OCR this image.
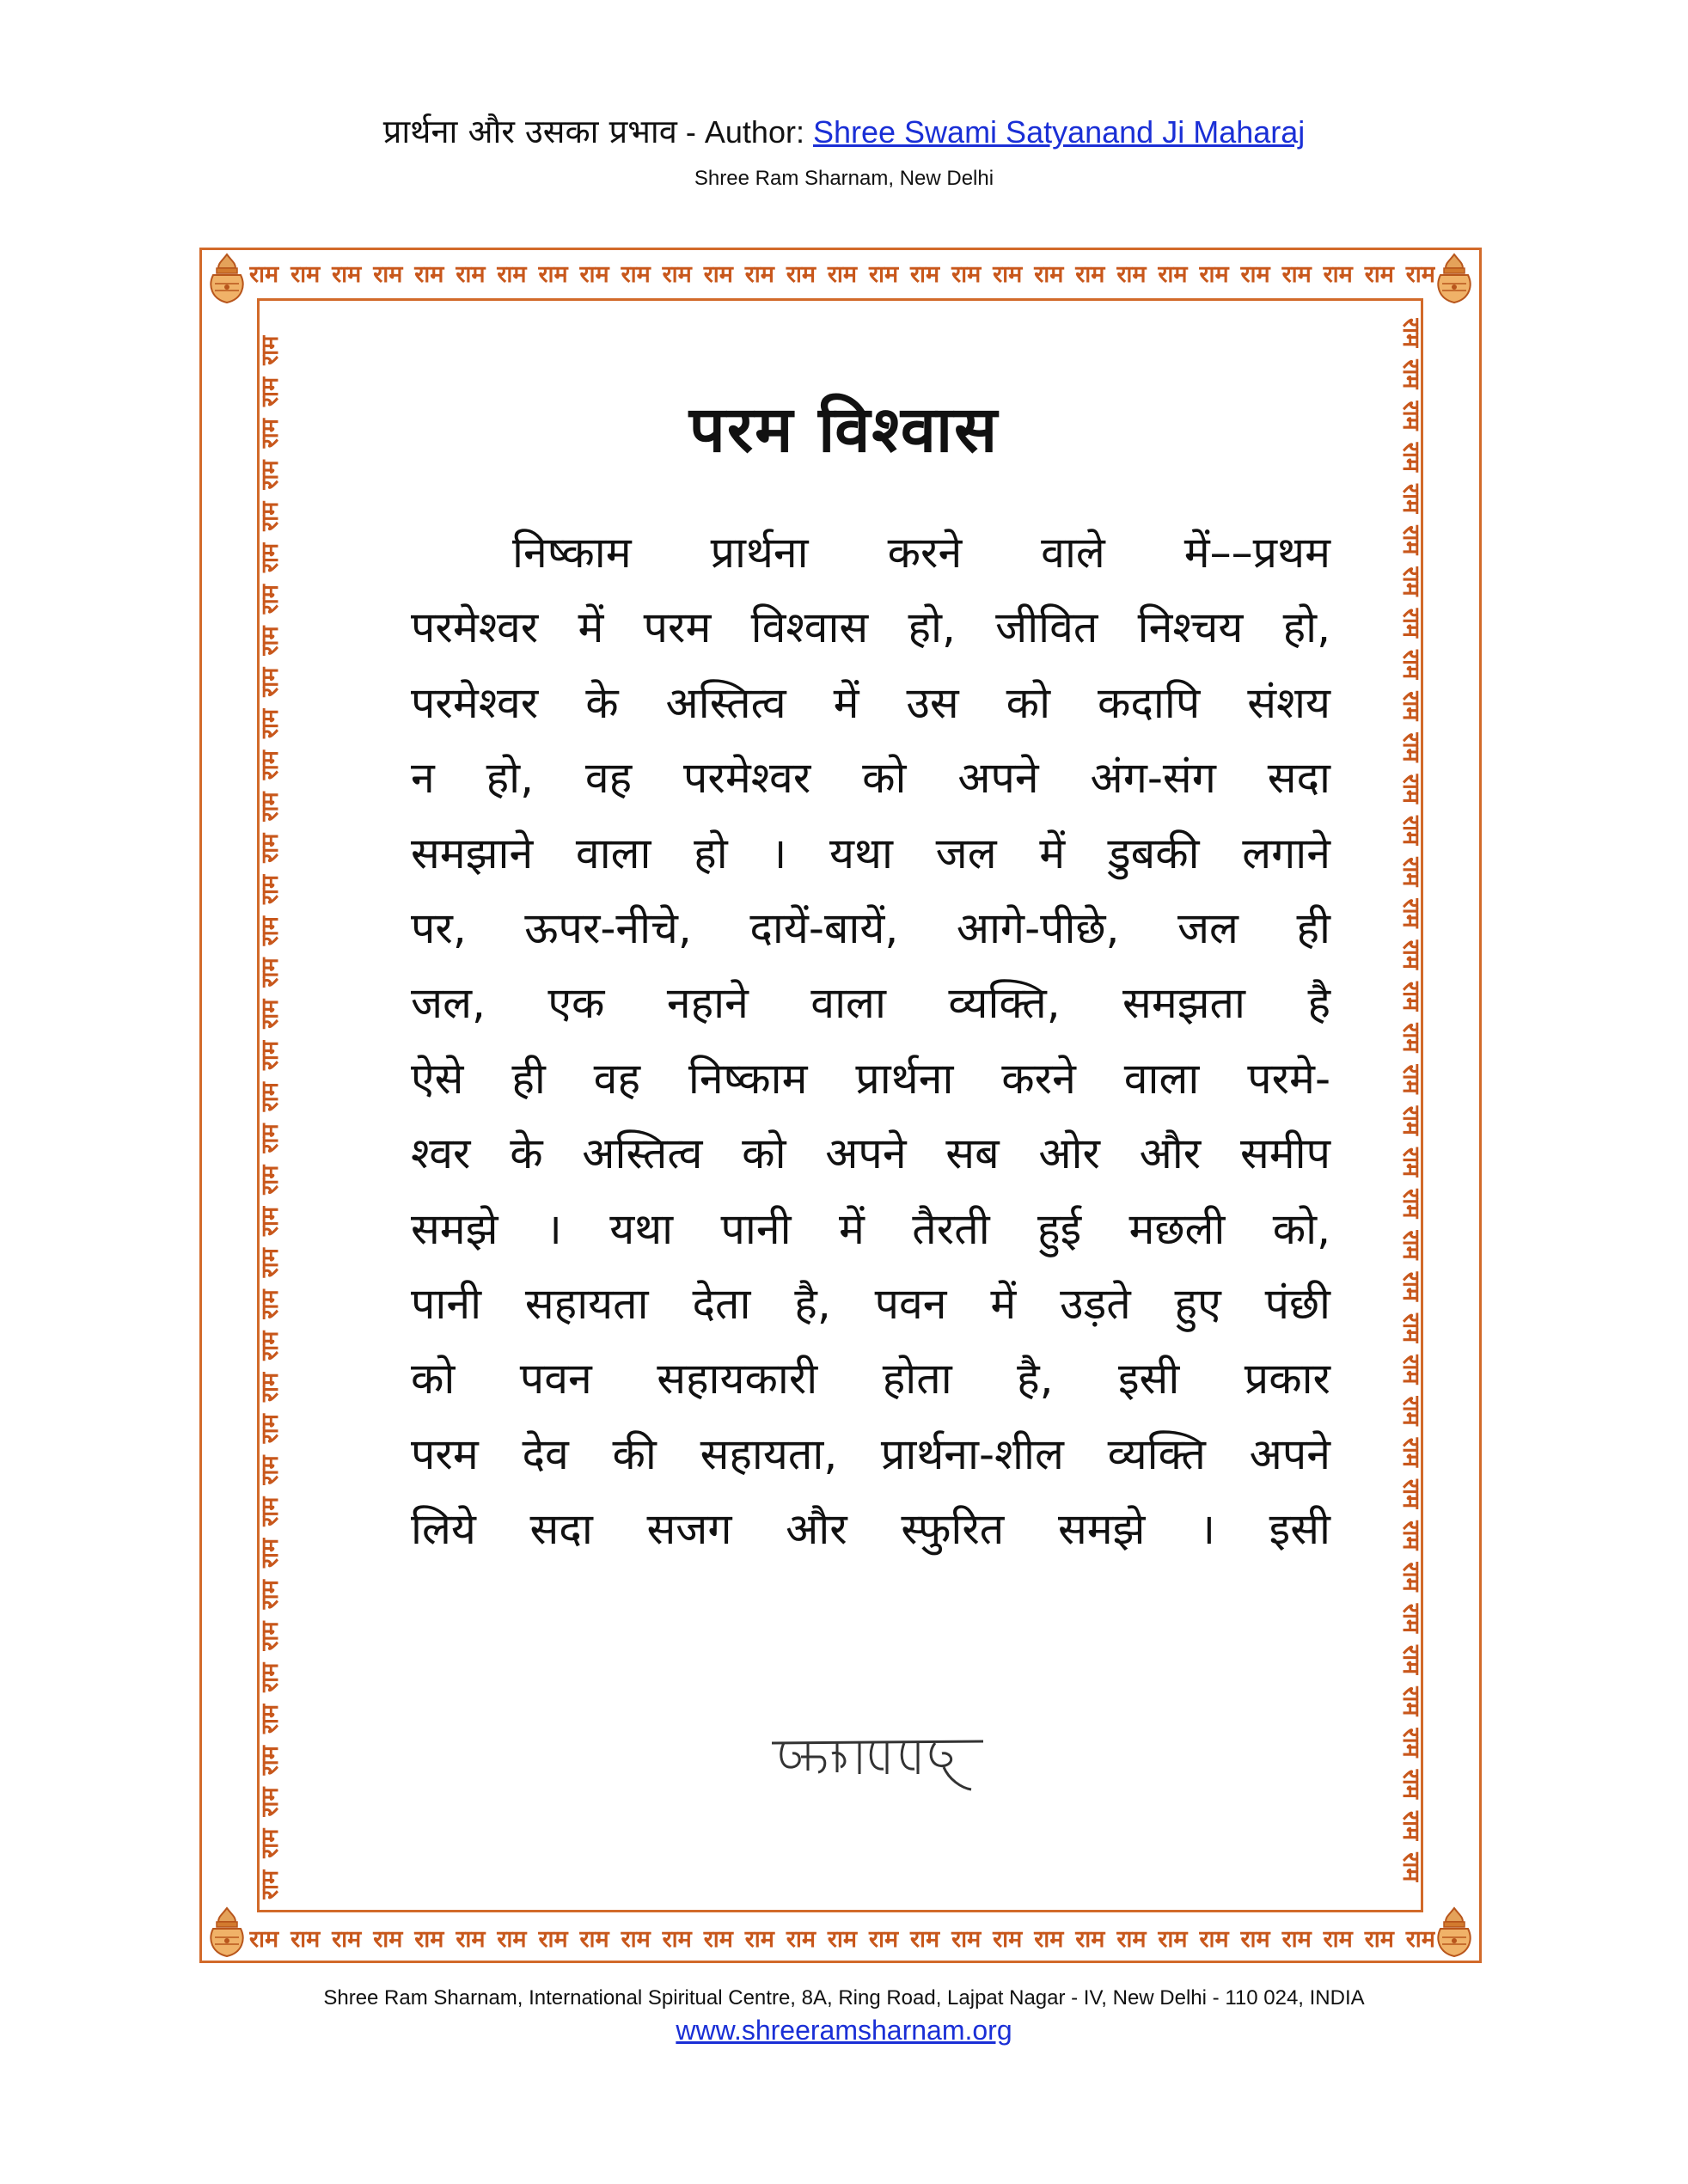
प्रार्थना और उसका प्रभाव - Author: Shree Swami Satyanand Ji Maharaj
Shree Ram Sharnam, New Delhi
राम राम राम राम राम राम राम राम राम राम राम राम राम राम राम राम राम राम राम राम राम राम राम राम राम राम राम राम राम
राम राम राम राम राम राम राम राम राम राम राम राम राम राम राम राम राम राम राम राम राम राम राम राम राम राम राम राम राम
राम
राम
राम
राम
राम
राम
राम
राम
राम
राम
राम
राम
राम
राम
राम
राम
राम
राम
राम
राम
राम
राम
राम
राम
राम
राम
राम
राम
राम
राम
राम
राम
राम
राम
राम
राम
राम
राम
राम
राम
राम
राम
राम
राम
राम
राम
राम
राम
राम
राम
राम
राम
राम
राम
राम
राम
राम
राम
राम
राम
राम
राम
राम
राम
राम
राम
राम
राम
राम
राम
राम
राम
राम
राम
राम
राम
परम विश्वास
निष्काम प्रार्थना करने वाले में––प्रथम
परमेश्वर में परम विश्वास हो, जीवित निश्चय हो,
परमेश्वर के अस्तित्व में उस को कदापि संशय
न हो, वह परमेश्वर को अपने अंग-संग सदा
समझाने वाला हो । यथा जल में डुबकी लगाने
पर, ऊपर-नीचे, दायें-बायें, आगे-पीछे, जल ही
जल, एक नहाने वाला व्यक्ति, समझता है
ऐसे ही वह निष्काम प्रार्थना करने वाला परमे-
श्वर के अस्तित्व को अपने सब ओर और समीप
समझे । यथा पानी में तैरती हुई मछली को,
पानी सहायता देता है, पवन में उड़ते हुए पंछी
को पवन सहायकारी होता है, इसी प्रकार
परम देव की सहायता, प्रार्थना-शील व्यक्ति अपने
लिये सदा सजग और स्फुरित समझे । इसी
Shree Ram Sharnam, International Spiritual Centre, 8A, Ring Road, Lajpat Nagar - IV, New Delhi - 110 024, INDIA
www.shreeramsharnam.org
